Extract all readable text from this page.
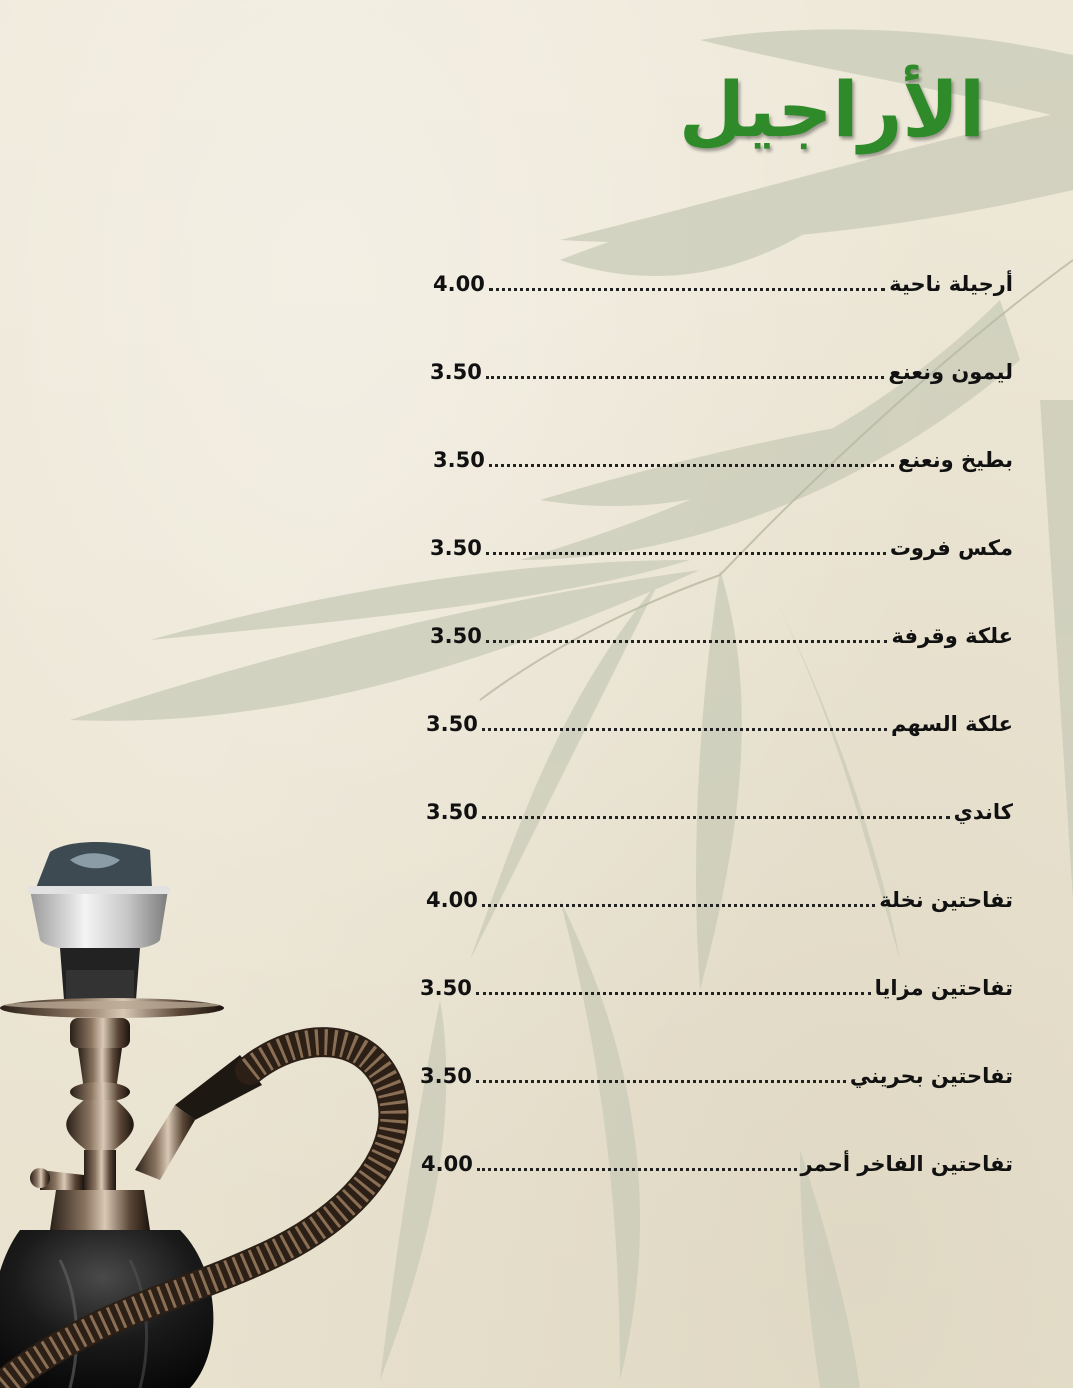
الأراجيل
أرجيلة ناحية
4.00
ليمون ونعنع
3.50
بطيخ ونعنع
3.50
مكس فروت
3.50
علكة وقرفة
3.50
علكة السهم
3.50
كاندي
3.50
تفاحتين نخلة
4.00
تفاحتين مزايا
3.50
تفاحتين بحريني
3.50
تفاحتين الفاخر أحمر
4.00
